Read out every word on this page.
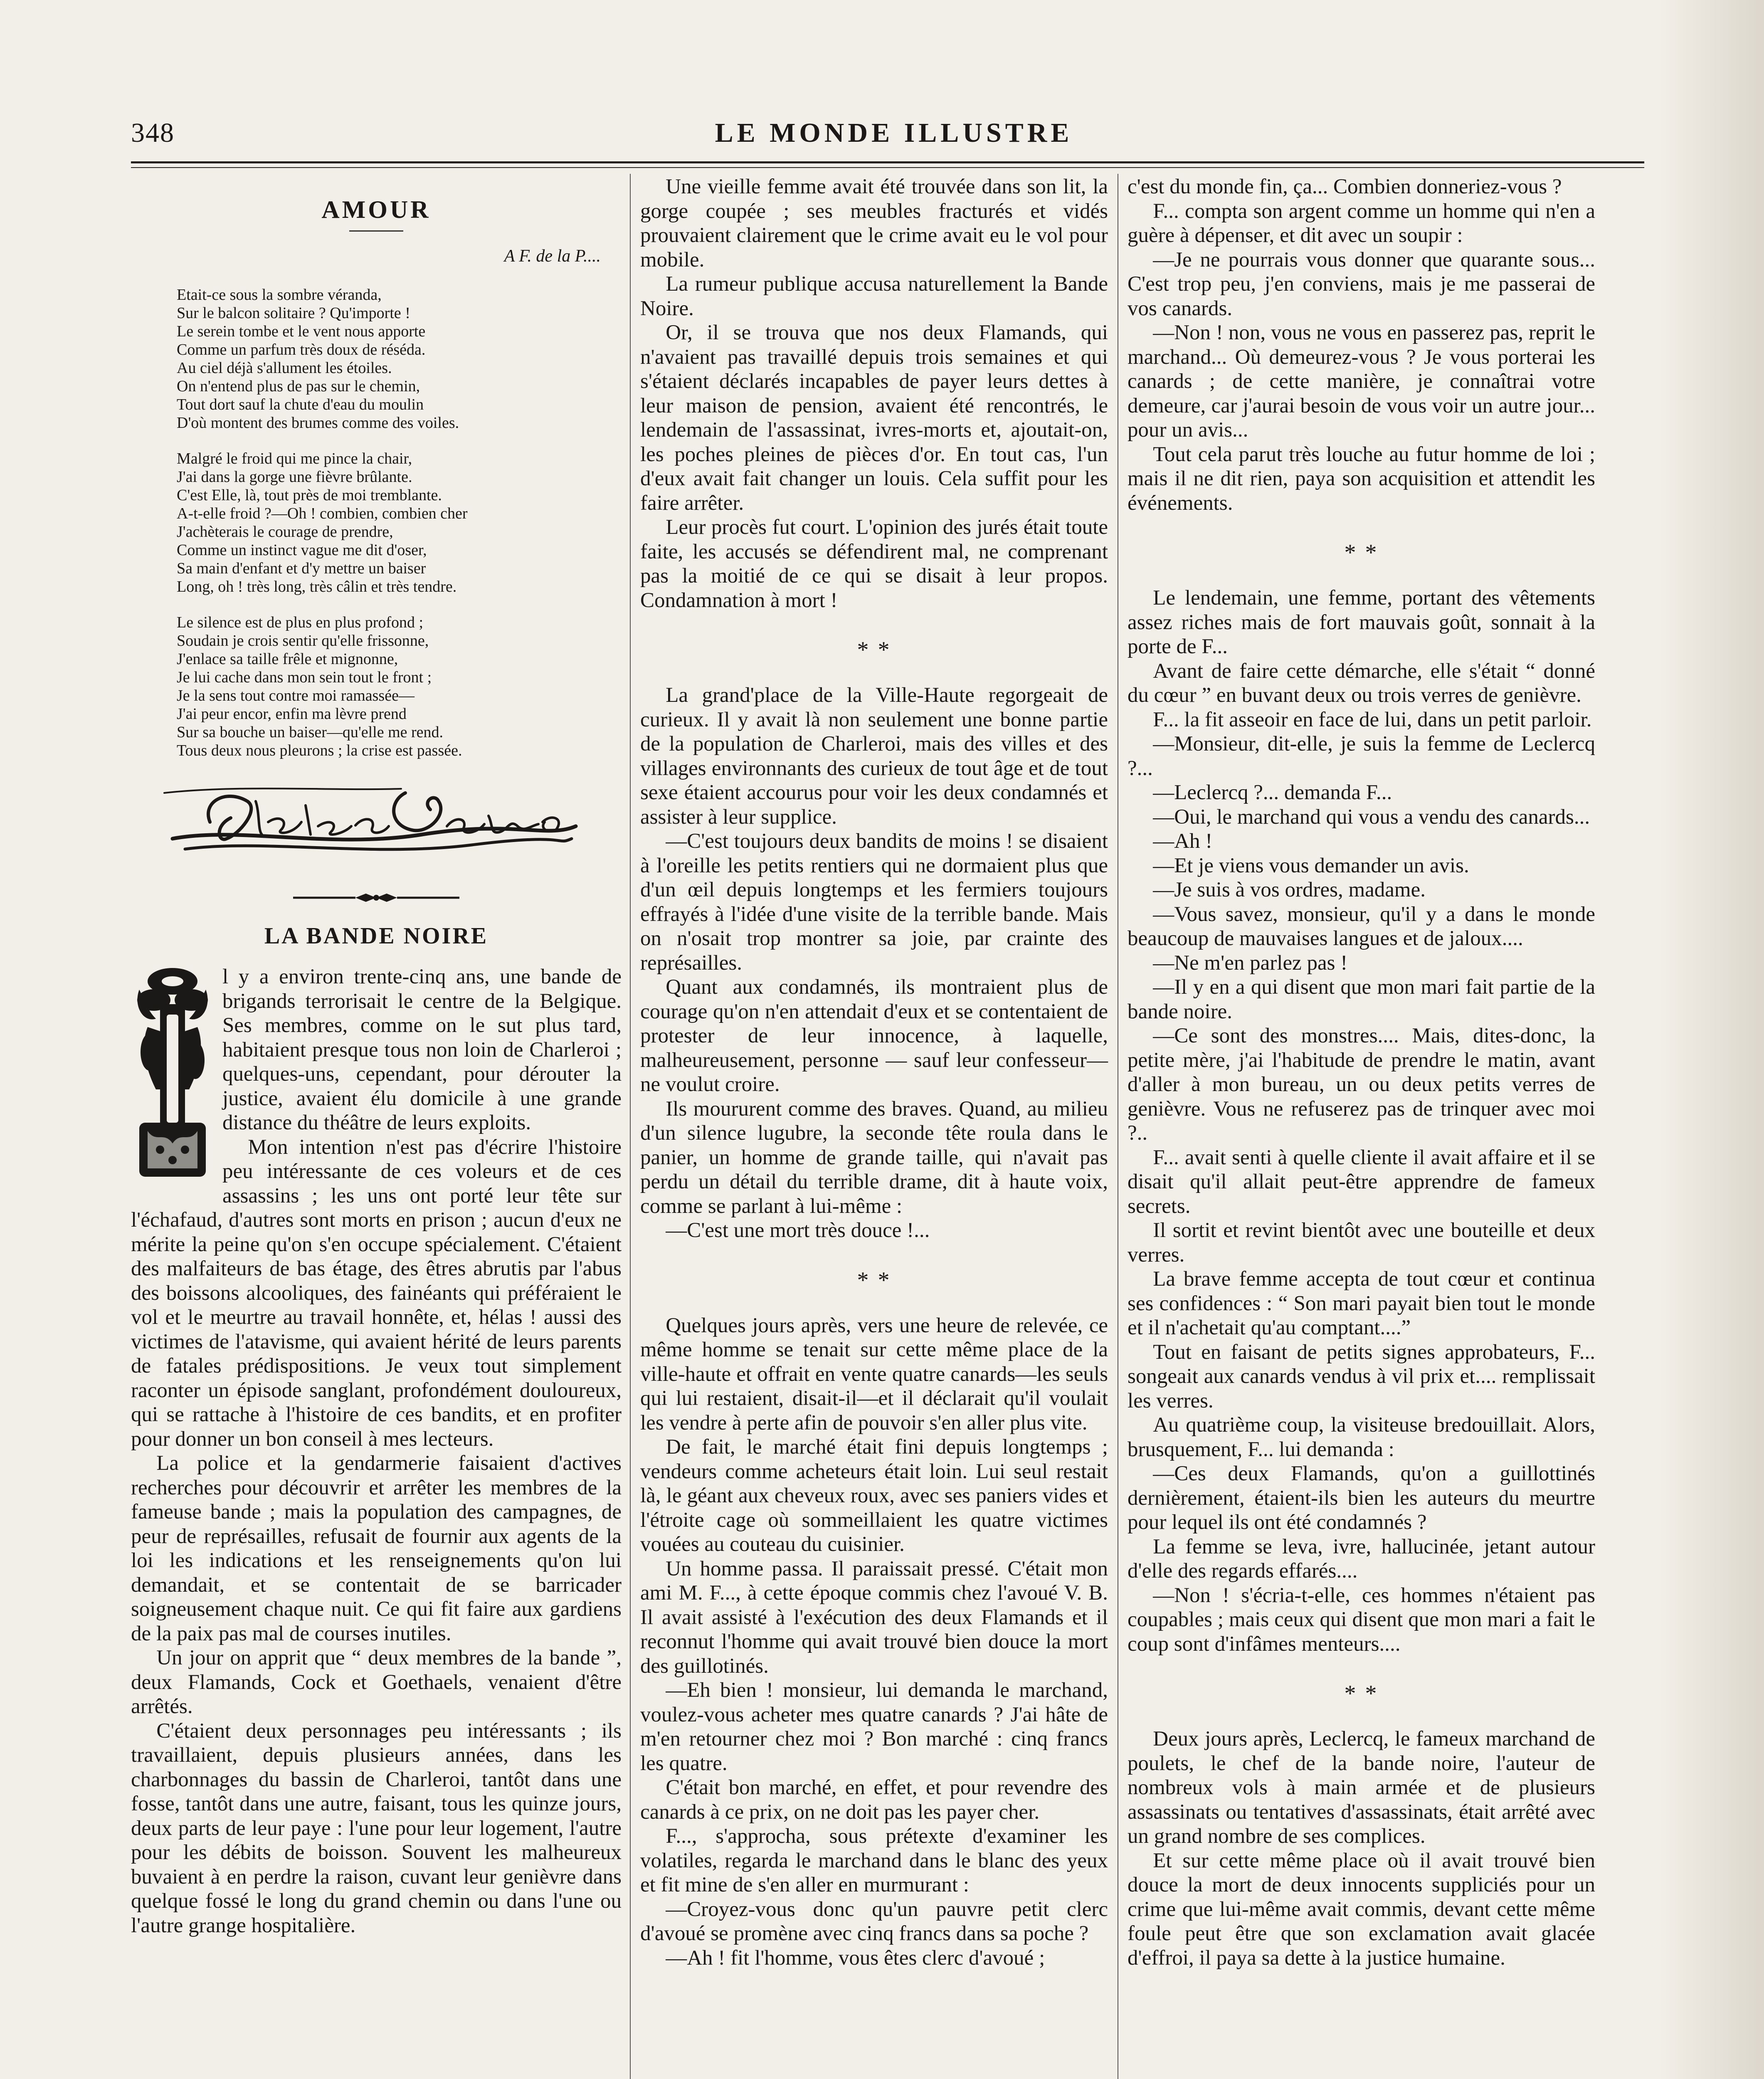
348	LE MONDE ILLUSTRE
AMOUR
A F. de la P....
Etait-ce sous la sombre véranda,
Sur le balcon solitaire ? Qu'importe !
Le serein tombe et le vent nous apporte
Comme un parfum très doux de réséda.
Au ciel déjà s'allument les étoiles.
On n'entend plus de pas sur le chemin,
Tout dort sauf la chute d'eau du moulin
D'où montent des brumes comme des voiles.
Malgré le froid qui me pince la chair,
J'ai dans la gorge une fièvre brûlante.
C'est Elle, là, tout près de moi tremblante.
A-t-elle froid ?—Oh ! combien, combien cher
J'achèterais le courage de prendre,
Comme un instinct vague me dit d'oser,
Sa main d'enfant et d'y mettre un baiser
Long, oh ! très long, très câlin et très tendre.
Le silence est de plus en plus profond ;
Soudain je crois sentir qu'elle frissonne,
J'enlace sa taille frêle et mignonne,
Je lui cache dans mon sein tout le front ;
Je la sens tout contre moi ramassée—
J'ai peur encor, enfin ma lèvre prend
Sur sa bouche un baiser—qu'elle me rend.
Tous deux nous pleurons ; la crise est passée.
LA BANDE NOIRE

l y a environ trente-cinq ans, une bande de brigands terrorisait le centre de la Belgique. Ses membres, comme on le sut plus tard, habitaient presque tous non loin de Charleroi ; quelques-uns, cependant, pour dérouter la justice, avaient élu domicile à une grande distance du théâtre de leurs exploits.

Mon intention n'est pas d'écrire l'histoire peu intéressante de ces voleurs et de ces assassins ; les uns ont porté leur tête sur l'échafaud, d'autres sont morts en prison ; aucun d'eux ne mérite la peine qu'on s'en occupe spécialement. C'étaient des malfaiteurs de bas étage, des êtres abrutis par l'abus des boissons alcooliques, des fainéants qui préféraient le vol et le meurtre au travail honnête, et, hélas ! aussi des victimes de l'atavisme, qui avaient hérité de leurs parents de fatales prédispositions. Je veux tout simplement raconter un épisode sanglant, profondément douloureux, qui se rattache à l'histoire de ces bandits, et en profiter pour donner un bon conseil à mes lecteurs.

La police et la gendarmerie faisaient d'actives recherches pour découvrir et arrêter les membres de la fameuse bande ; mais la population des campagnes, de peur de représailles, refusait de fournir aux agents de la loi les indications et les renseignements qu'on lui demandait, et se contentait de se barricader soigneusement chaque nuit. Ce qui fit faire aux gardiens de la paix pas mal de courses inutiles.

Un jour on apprit que “ deux membres de la bande ”, deux Flamands, Cock et Goethaels, venaient d'être arrêtés.

C'étaient deux personnages peu intéressants ; ils travaillaient, depuis plusieurs années, dans les charbonnages du bassin de Charleroi, tantôt dans une fosse, tantôt dans une autre, faisant, tous les quinze jours, deux parts de leur paye : l'une pour leur logement, l'autre pour les débits de boisson. Souvent les malheureux buvaient à en perdre la raison, cuvant leur genièvre dans quelque fossé le long du grand chemin ou dans l'une ou l'autre grange hospitalière.

Une vieille femme avait été trouvée dans son lit, la gorge coupée ; ses meubles fracturés et vidés prouvaient clairement que le crime avait eu le vol pour mobile.

La rumeur publique accusa naturellement la Bande Noire.

Or, il se trouva que nos deux Flamands, qui n'avaient pas travaillé depuis trois semaines et qui s'étaient déclarés incapables de payer leurs dettes à leur maison de pension, avaient été rencontrés, le lendemain de l'assassinat, ivres-morts et, ajoutait-on, les poches pleines de pièces d'or. En tout cas, l'un d'eux avait fait changer un louis. Cela suffit pour les faire arrêter.

Leur procès fut court. L'opinion des jurés était toute faite, les accusés se défendirent mal, ne comprenant pas la moitié de ce qui se disait à leur propos. Condamnation à mort !

* *

La grand'place de la Ville-Haute regorgeait de curieux. Il y avait là non seulement une bonne partie de la population de Charleroi, mais des villes et des villages environnants des curieux de tout âge et de tout sexe étaient accourus pour voir les deux condamnés et assister à leur supplice.

—C'est toujours deux bandits de moins ! se disaient à l'oreille les petits rentiers qui ne dormaient plus que d'un œil depuis longtemps et les fermiers toujours effrayés à l'idée d'une visite de la terrible bande. Mais on n'osait trop montrer sa joie, par crainte des représailles.

Quant aux condamnés, ils montraient plus de courage qu'on n'en attendait d'eux et se contentaient de protester de leur innocence, à laquelle, malheureusement, personne — sauf leur confesseur—ne voulut croire.

Ils moururent comme des braves. Quand, au milieu d'un silence lugubre, la seconde tête roula dans le panier, un homme de grande taille, qui n'avait pas perdu un détail du terrible drame, dit à haute voix, comme se parlant à lui-même :

—C'est une mort très douce !...

* *

Quelques jours après, vers une heure de relevée, ce même homme se tenait sur cette même place de la ville-haute et offrait en vente quatre canards—les seuls qui lui restaient, disait-il—et il déclarait qu'il voulait les vendre à perte afin de pouvoir s'en aller plus vite.

De fait, le marché était fini depuis longtemps ; vendeurs comme acheteurs était loin. Lui seul restait là, le géant aux cheveux roux, avec ses paniers vides et l'étroite cage où sommeillaient les quatre victimes vouées au couteau du cuisinier.

Un homme passa. Il paraissait pressé. C'était mon ami M. F..., à cette époque commis chez l'avoué V. B. Il avait assisté à l'exécution des deux Flamands et il reconnut l'homme qui avait trouvé bien douce la mort des guillotinés.

—Eh bien ! monsieur, lui demanda le marchand, voulez-vous acheter mes quatre canards ? J'ai hâte de m'en retourner chez moi ? Bon marché : cinq francs les quatre.

C'était bon marché, en effet, et pour revendre des canards à ce prix, on ne doit pas les payer cher.

F..., s'approcha, sous prétexte d'examiner les volatiles, regarda le marchand dans le blanc des yeux et fit mine de s'en aller en murmurant :

—Croyez-vous donc qu'un pauvre petit clerc d'avoué se promène avec cinq francs dans sa poche ?

—Ah ! fit l'homme, vous êtes clerc d'avoué ;

c'est du monde fin, ça... Combien donneriez-vous ?

F... compta son argent comme un homme qui n'en a guère à dépenser, et dit avec un soupir :

—Je ne pourrais vous donner que quarante sous... C'est trop peu, j'en conviens, mais je me passerai de vos canards.

—Non ! non, vous ne vous en passerez pas, reprit le marchand... Où demeurez-vous ? Je vous porterai les canards ; de cette manière, je connaîtrai votre demeure, car j'aurai besoin de vous voir un autre jour... pour un avis...

Tout cela parut très louche au futur homme de loi ; mais il ne dit rien, paya son acquisition et attendit les événements.

* *

Le lendemain, une femme, portant des vêtements assez riches mais de fort mauvais goût, sonnait à la porte de F...

Avant de faire cette démarche, elle s'était “ donné du cœur ” en buvant deux ou trois verres de genièvre.

F... la fit asseoir en face de lui, dans un petit parloir.

—Monsieur, dit-elle, je suis la femme de Leclercq ?...

—Leclercq ?... demanda F...

—Oui, le marchand qui vous a vendu des canards...

—Ah !

—Et je viens vous demander un avis.

—Je suis à vos ordres, madame.

—Vous savez, monsieur, qu'il y a dans le monde beaucoup de mauvaises langues et de jaloux....

—Ne m'en parlez pas !

—Il y en a qui disent que mon mari fait partie de la bande noire.

—Ce sont des monstres.... Mais, dites-donc, la petite mère, j'ai l'habitude de prendre le matin, avant d'aller à mon bureau, un ou deux petits verres de genièvre. Vous ne refuserez pas de trinquer avec moi ?..

F... avait senti à quelle cliente il avait affaire et il se disait qu'il allait peut-être apprendre de fameux secrets.

Il sortit et revint bientôt avec une bouteille et deux verres.

La brave femme accepta de tout cœur et continua ses confidences : “ Son mari payait bien tout le monde et il n'achetait qu'au comptant....”

Tout en faisant de petits signes approbateurs, F... songeait aux canards vendus à vil prix et.... remplissait les verres.

Au quatrième coup, la visiteuse bredouillait. Alors, brusquement, F... lui demanda :

—Ces deux Flamands, qu'on a guillottinés dernièrement, étaient-ils bien les auteurs du meurtre pour lequel ils ont été condamnés ?

La femme se leva, ivre, hallucinée, jetant autour d'elle des regards effarés....

—Non ! s'écria-t-elle, ces hommes n'étaient pas coupables ; mais ceux qui disent que mon mari a fait le coup sont d'infâmes menteurs....

* *

Deux jours après, Leclercq, le fameux marchand de poulets, le chef de la bande noire, l'auteur de nombreux vols à main armée et de plusieurs assassinats ou tentatives d'assassinats, était arrêté avec un grand nombre de ses complices.

Et sur cette même place où il avait trouvé bien douce la mort de deux innocents suppliciés pour un crime que lui-même avait commis, devant cette même foule peut être que son exclamation avait glacée d'effroi, il paya sa dette à la justice humaine.
